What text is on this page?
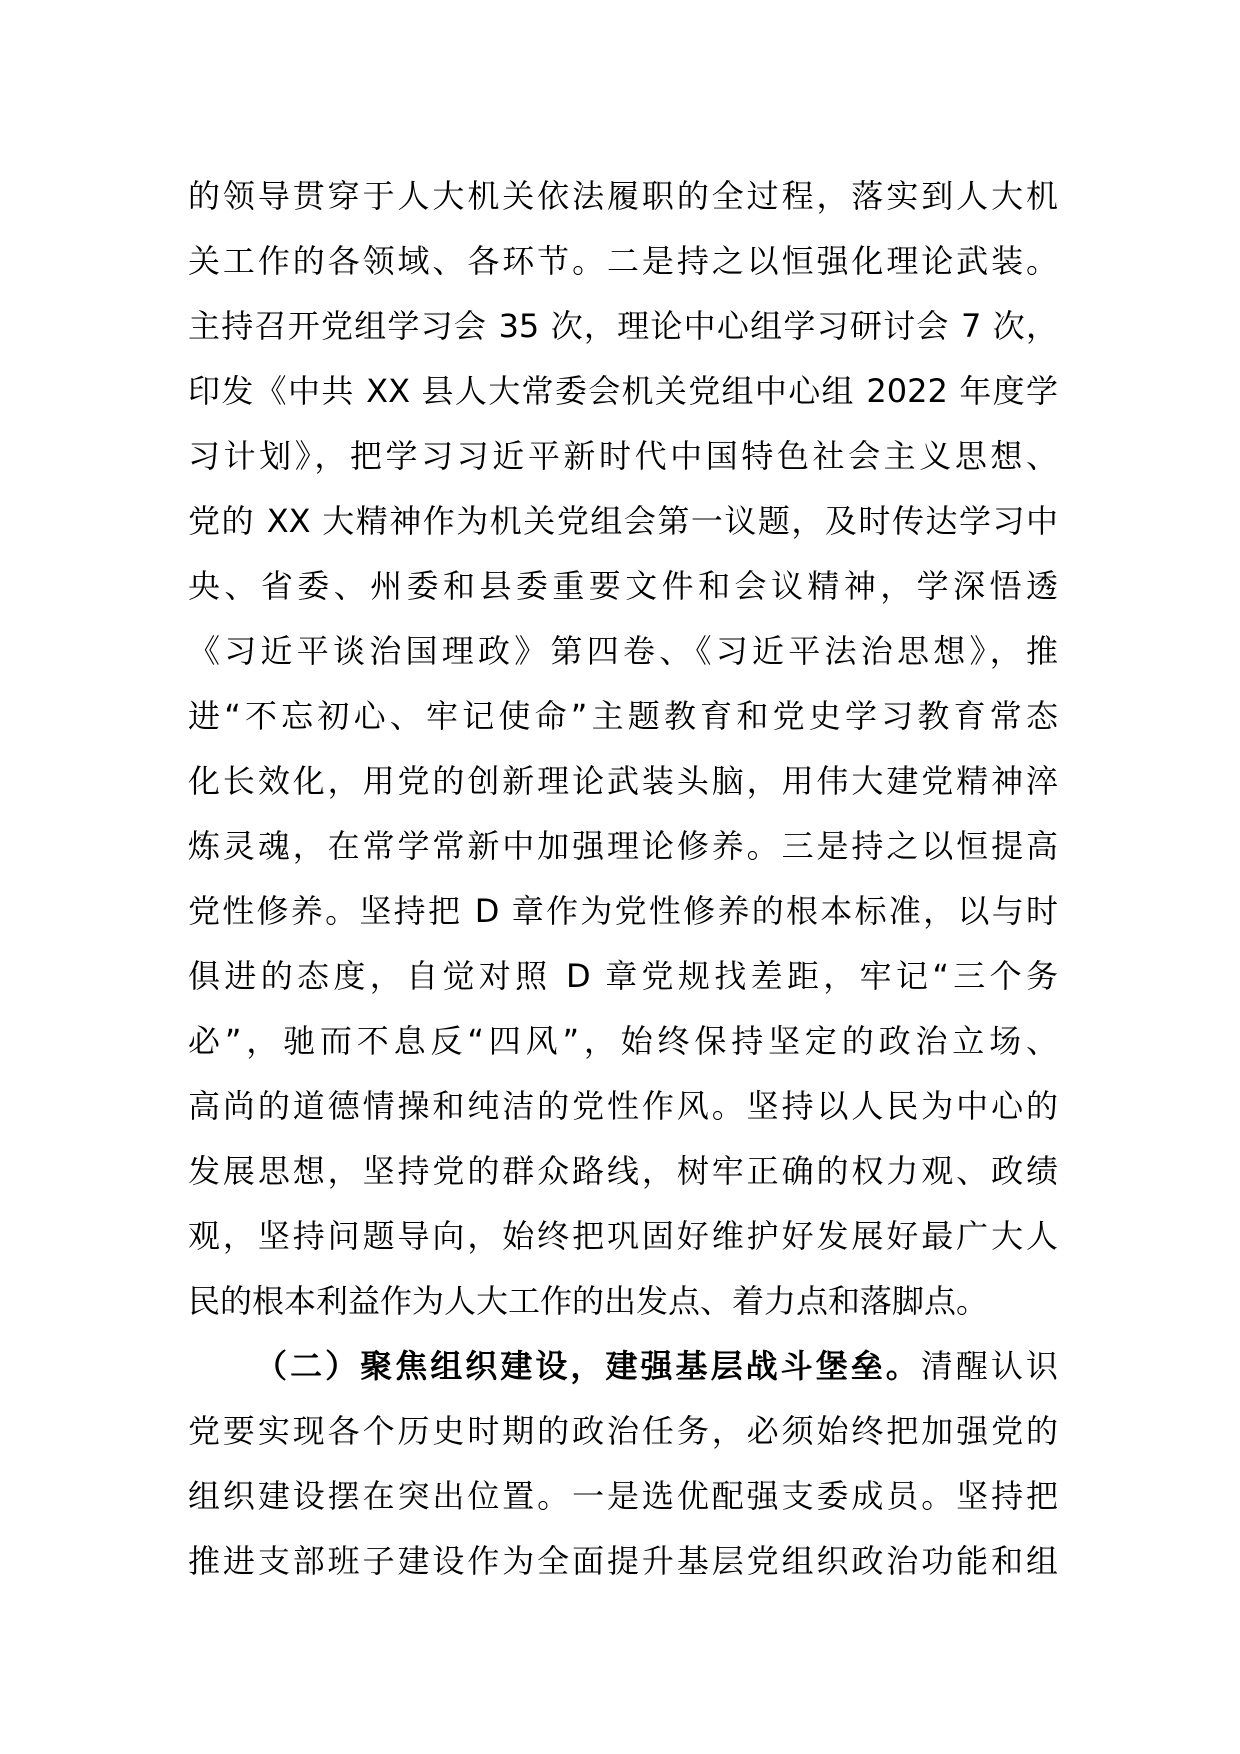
的领导贯穿于人大机关依法履职的全过程，落实到人大机
关工作的各领域、各环节。二是持之以恒强化理论武装。
主持召开党组学习会 35 次，理论中心组学习研讨会 7 次，
印发《中共 XX 县人大常委会机关党组中心组 2022 年度学
习计划》，把学习习近平新时代中国特色社会主义思想、
党的 XX 大精神作为机关党组会第一议题，及时传达学习中
央、省委、州委和县委重要文件和会议精神，学深悟透
《习近平谈治国理政》第四卷、《习近平法治思想》，推
进“不忘初心、牢记使命”主题教育和党史学习教育常态
化长效化，用党的创新理论武装头脑，用伟大建党精神淬
炼灵魂，在常学常新中加强理论修养。三是持之以恒提高
党性修养。坚持把 D 章作为党性修养的根本标准，以与时
俱进的态度，自觉对照 D 章党规找差距，牢记“三个务
必”，驰而不息反“四风”，始终保持坚定的政治立场、
高尚的道德情操和纯洁的党性作风。坚持以人民为中心的
发展思想，坚持党的群众路线，树牢正确的权力观、政绩
观，坚持问题导向，始终把巩固好维护好发展好最广大人
民的根本利益作为人大工作的出发点、着力点和落脚点。
（二）聚焦组织建设，建强基层战斗堡垒。清醒认识
党要实现各个历史时期的政治任务，必须始终把加强党的
组织建设摆在突出位置。一是选优配强支委成员。坚持把
推进支部班子建设作为全面提升基层党组织政治功能和组
